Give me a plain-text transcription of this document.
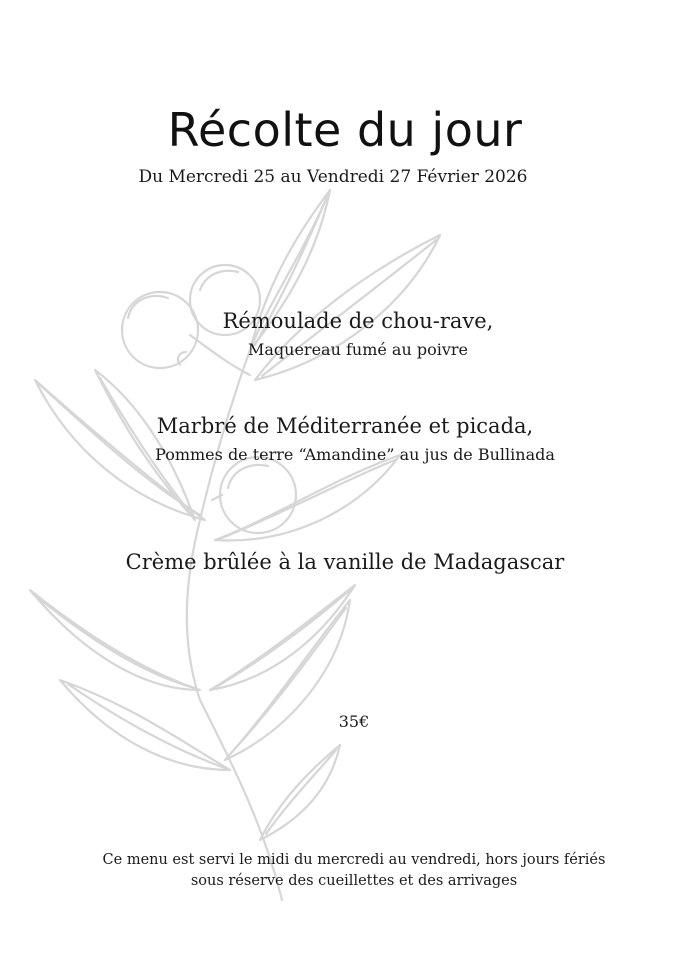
Récolte du jour
Du Mercredi 25 au Vendredi 27 Février 2026
Rémoulade de chou-rave,
Maquereau fumé au poivre
Marbré de Méditerranée et picada,
Pommes de terre “Amandine” au jus de Bullinada
Crème brûlée à la vanille de Madagascar
35€
Ce menu est servi le midi du mercredi au vendredi, hors jours fériés
sous réserve des cueillettes et des arrivages
